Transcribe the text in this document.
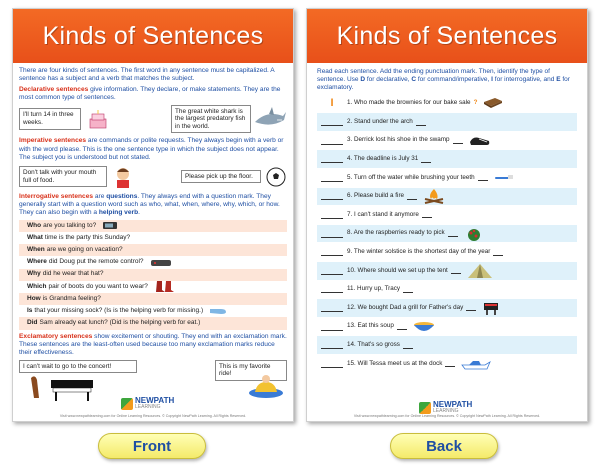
Kinds of Sentences
There are four kinds of sentences. The first word in any sentence must be capitalized. A sentence has a subject and a verb that matches the subject.
Declarative sentences give information. They declare, or make statements. They are the most common type of sentences.
I'll turn 14 in three weeks.
The great white shark is the largest predatory fish in the world.
Imperative sentences are commands or polite requests. They always begin with a verb or with the word please. This is the one sentence type in which the subject does not appear. The subject you is understood but not stated.
Don't talk with your mouth full of food.
Please pick up the floor.
Interrogative sentences are questions. They always end with a question mark. They generally start with a question word such as who, what, when, where, why, which, or how. They can also begin with a helping verb.
Who are you talking to?
What time is the party this Sunday?
When are we going on vacation?
Where did Doug put the remote control?
Why did he wear that hat?
Which pair of boots do you want to wear?
How is Grandma feeling?
Is that your missing sock? (Is is the helping verb for missing.)
Did Sam already eat lunch? (Did is the helping verb for eat.)
Exclamatory sentences show excitement or shouting. They end with an exclamation mark. These sentences are the least-often used because too many exclamation marks reduce their effectiveness.
I can't wait to go to the concert!	This is my favorite ride!
NEWPATH
LEARNING
Visit www.newpathlearning.com for Online Learning Resources. © Copyright NewPath Learning. All Rights Reserved.
Kinds of Sentences
Read each sentence. Add the ending punctuation mark. Then, identify the type of sentence. Use D for declarative, C for command/imperative, I for interrogative, and E for exclamatory.
I	1. Who made the brownies for our bake sale ?
2. Stand under the arch
3. Derrick lost his shoe in the swamp
4. The deadline is July 31
5. Turn off the water while brushing your teeth
6. Please build a fire
7. I can't stand it anymore
8. Are the raspberries ready to pick
9. The winter solstice is the shortest day of the year
10. Where should we set up the tent
11. Hurry up, Tracy
12. We bought Dad a grill for Father's day
13. Eat this soup
14. That's so gross
15. Will Tessa meet us at the dock
NEWPATH
LEARNING
Visit www.newpathlearning.com for Online Learning Resources. © Copyright NewPath Learning. All Rights Reserved.
Front	Back
